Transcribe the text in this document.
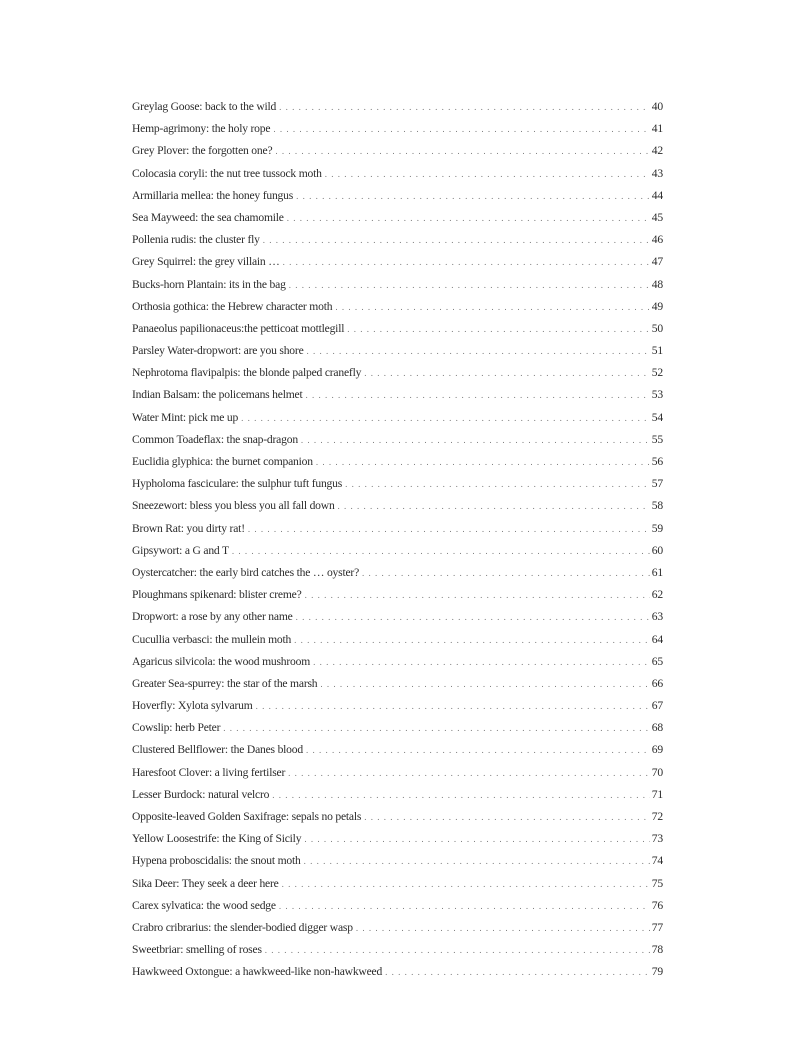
Greylag Goose: back to the wild . . .	40
Hemp-agrimony: the holy rope . . .	41
Grey Plover: the forgotten one? . . .	42
Colocasia coryli: the nut tree tussock moth . . .	43
Armillaria mellea: the honey fungus . . .	44
Sea Mayweed: the sea chamomile . . .	45
Pollenia rudis: the cluster fly . . .	46
Grey Squirrel: the grey villain … . . .	47
Bucks-horn Plantain: its in the bag . . .	48
Orthosia gothica: the Hebrew character moth . . .	49
Panaeolus papilionaceus:the petticoat mottlegill . . .	50
Parsley Water-dropwort: are you shore . . .	51
Nephrotoma flavipalpis: the blonde palped cranefly . . .	52
Indian Balsam: the policemans helmet . . .	53
Water Mint: pick me up . . .	54
Common Toadeflax: the snap-dragon . . .	55
Euclidia glyphica: the burnet companion . . .	56
Hypholoma fasciculare: the sulphur tuft fungus . . .	57
Sneezewort: bless you bless you all fall down . . .	58
Brown Rat: you dirty rat! . . .	59
Gipsywort: a G and T . . .	60
Oystercatcher: the early bird catches the … oyster? . . .	61
Ploughmans spikenard: blister creme? . . .	62
Dropwort: a rose by any other name . . .	63
Cucullia verbasci: the mullein moth . . .	64
Agaricus silvicola: the wood mushroom . . .	65
Greater Sea-spurrey: the star of the marsh . . .	66
Hoverfly: Xylota sylvarum . . .	67
Cowslip: herb Peter . . .	68
Clustered Bellflower: the Danes blood . . .	69
Haresfoot Clover: a living fertilser . . .	70
Lesser Burdock: natural velcro . . .	71
Opposite-leaved Golden Saxifrage: sepals no petals . . .	72
Yellow Loosestrife: the King of Sicily . . .	73
Hypena proboscidalis: the snout moth . . .	74
Sika Deer: They seek a deer here . . .	75
Carex sylvatica: the wood sedge . . .	76
Crabro cribrarius: the slender-bodied digger wasp . . .	77
Sweetbriar: smelling of roses . . .	78
Hawkweed Oxtongue: a hawkweed-like non-hawkweed . . .	79
